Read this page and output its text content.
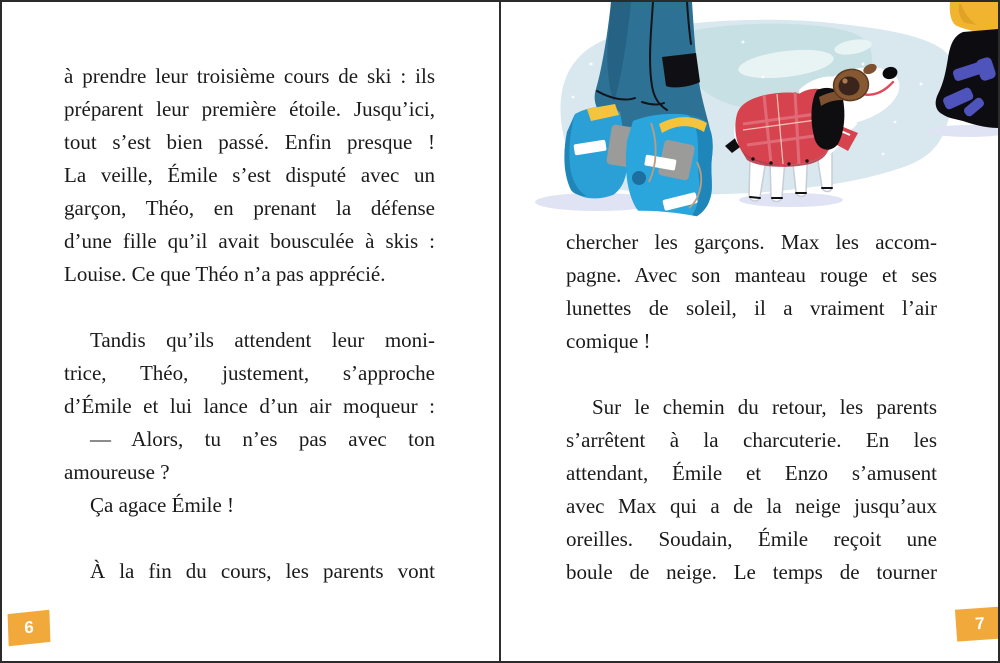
à prendre leur troisième cours de ski : ils
préparent leur première étoile. Jusqu’ici,
tout s’est bien passé. Enfin presque !
La veille, Émile s’est disputé avec un
garçon, Théo, en prenant la défense
d’une fille qu’il avait bousculée à skis :
Louise. Ce que Théo n’a pas apprécié.
Tandis qu’ils attendent leur moni-
trice, Théo, justement, s’approche
d’Émile et lui lance d’un air moqueur :
— Alors, tu n’es pas avec ton
amoureuse ?
Ça agace Émile !
À la fin du cours, les parents vont
chercher les garçons. Max les accom-
pagne. Avec son manteau rouge et ses
lunettes de soleil, il a vraiment l’air
comique !
Sur le chemin du retour, les parents
s’arrêtent à la charcuterie. En les
attendant, Émile et Enzo s’amusent
avec Max qui a de la neige jusqu’aux
oreilles. Soudain, Émile reçoit une
boule de neige. Le temps de tourner
6	7
